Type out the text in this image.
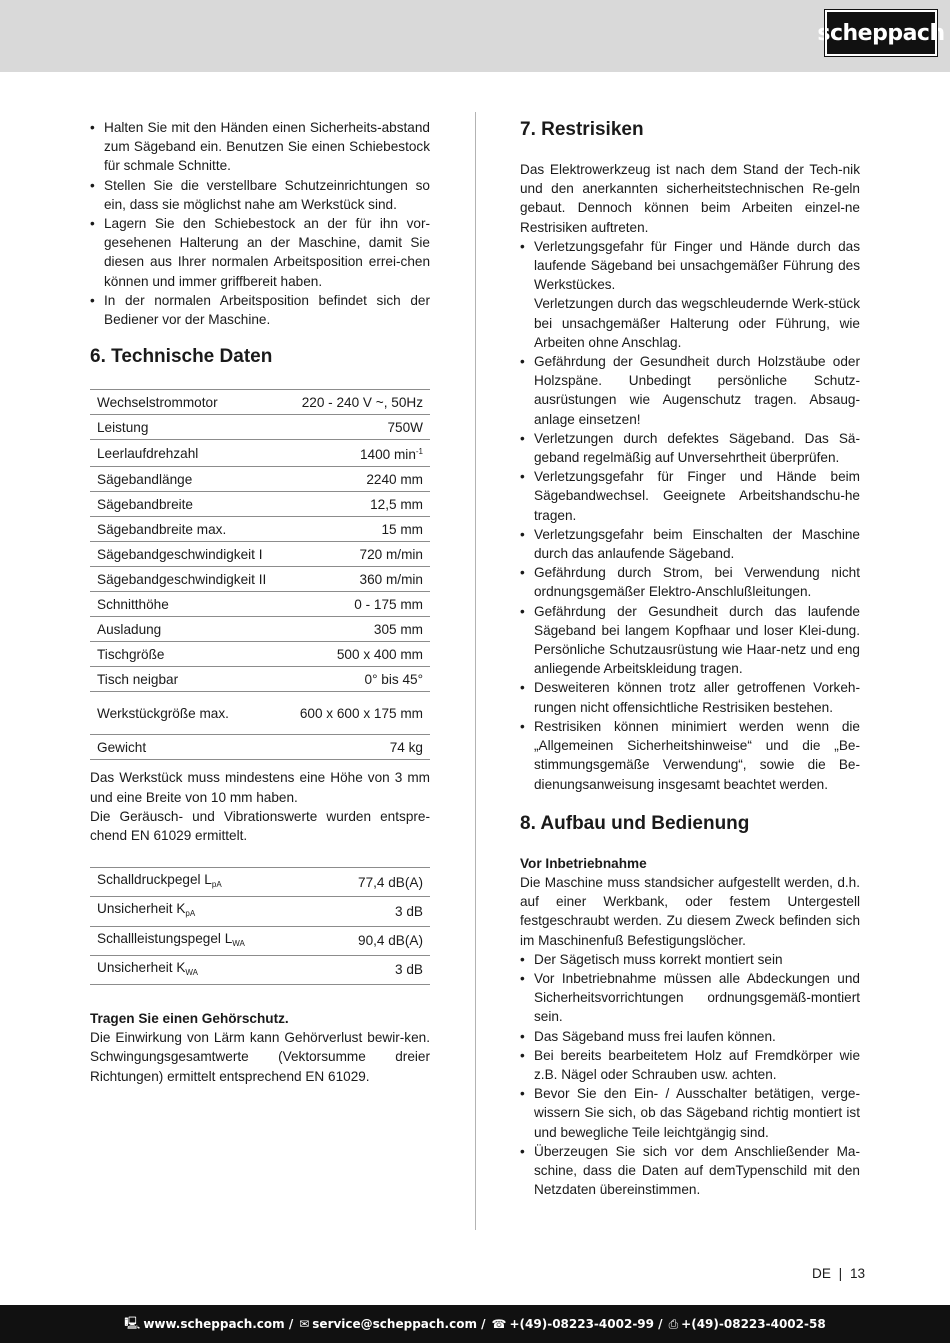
scheppach
• Halten Sie mit den Händen einen Sicherheits-abstand zum Sägeband ein. Benutzen Sie einen Schiebestock für schmale Schnitte.
• Stellen Sie die verstellbare Schutzeinrichtungen so ein, dass sie möglichst nahe am Werkstück sind.
• Lagern Sie den Schiebestock an der für ihn vor-gesehenen Halterung an der Maschine, damit Sie diesen aus Ihrer normalen Arbeitsposition errei-chen können und immer griffbereit haben.
• In der normalen Arbeitsposition befindet sich der Bediener vor der Maschine.
6. Technische Daten
Wechselstrommotor	220 - 240 V ~, 50Hz
Leistung	750W
Leerlaufdrehzahl	1400 $\min^{-1}$
Sägebandlänge	2240 mm
Sägebandbreite	12,5 mm
Sägebandbreite max.	15 mm
Sägebandgeschwindigkeit I	720 m/min
Sägebandgeschwindigkeit II	360 m/min
Schnitthöhe	0 - 175 mm
Ausladung	305 mm
Tischgröße	500 x 400 mm
Tisch neigbar	0° bis 45°
Werkstückgröße max.	600 x 600 x 175 mm
Gewicht	74 kg

Das Werkstück muss mindestens eine Höhe von 3 mm und eine Breite von 10 mm haben.

Die Geräusch- und Vibrationswerte wurden entspre-chend EN 61029 ermittelt.

Schalldruckpegel $L_{pA}$	77,4 dB(A)
Unsicherheit $K_{pA}$	3 dB
Schallleistungspegel $L_{WA}$	90,4 dB(A)
Unsicherheit $K_{WA}$	3 dB

Tragen Sie einen Gehörschutz.

Die Einwirkung von Lärm kann Gehörverlust bewir-ken. Schwingungsgesamtwerte (Vektorsumme dreier Richtungen) ermittelt entsprechend EN 61029.

7. Restrisiken

Das Elektrowerkzeug ist nach dem Stand der Tech-nik und den anerkannten sicherheitstechnischen Re-geln gebaut. Dennoch können beim Arbeiten einzel-ne Restrisiken auftreten.

• Verletzungsgefahr für Finger und Hände durch das laufende Sägeband bei unsachgemäßer Führung des Werkstückes.
Verletzungen durch das wegschleudernde Werk-stück bei unsachgemäßer Halterung oder Führung, wie Arbeiten ohne Anschlag.
• Gefährdung der Gesundheit durch Holzstäube oder Holzspäne. Unbedingt persönliche Schutz-ausrüstungen wie Augenschutz tragen. Absaug-anlage einsetzen!
• Verletzungen durch defektes Sägeband. Das Sä-geband regelmäßig auf Unversehrtheit überprüfen.
• Verletzungsgefahr für Finger und Hände beim Sägebandwechsel. Geeignete Arbeitshandschu-he tragen.
• Verletzungsgefahr beim Einschalten der Maschine durch das anlaufende Sägeband.
• Gefährdung durch Strom, bei Verwendung nicht ordnungsgemäßer Elektro-Anschlußleitungen.
• Gefährdung der Gesundheit durch das laufende Sägeband bei langem Kopfhaar und loser Klei-dung. Persönliche Schutzausrüstung wie Haar-netz und eng anliegende Arbeitskleidung tragen.
• Desweiteren können trotz aller getroffenen Vorkeh-rungen nicht offensichtliche Restrisiken bestehen.
• Restrisiken können minimiert werden wenn die „Allgemeinen Sicherheitshinweise“ und die „Be-stimmungsgemäße Verwendung“, sowie die Be-dienungsanweisung insgesamt beachtet werden.
8. Aufbau und Bedienung

Vor Inbetriebnahme

Die Maschine muss standsicher aufgestellt werden, d.h. auf einer Werkbank, oder festem Untergestell festgeschraubt werden. Zu diesem Zweck befinden sich im Maschinenfuß Befestigungslöcher.

• Der Sägetisch muss korrekt montiert sein
• Vor Inbetriebnahme müssen alle Abdeckungen und Sicherheitsvorrichtungen ordnungsgemäß-montiert sein.
• Das Sägeband muss frei laufen können.
• Bei bereits bearbeitetem Holz auf Fremdkörper wie z.B. Nägel oder Schrauben usw. achten.
• Bevor Sie den Ein- / Ausschalter betätigen, verge-wissern Sie sich, ob das Sägeband richtig montiert ist und bewegliche Teile leichtgängig sind.
• Überzeugen Sie sich vor dem Anschließender Ma-schine, dass die Daten auf demTypenschild mit den Netzdaten übereinstimmen.
DE | 13
🖳 www.scheppach.com / ✉ service@scheppach.com / ☎ +(49)-08223-4002-99 / ⎙ +(49)-08223-4002-58
